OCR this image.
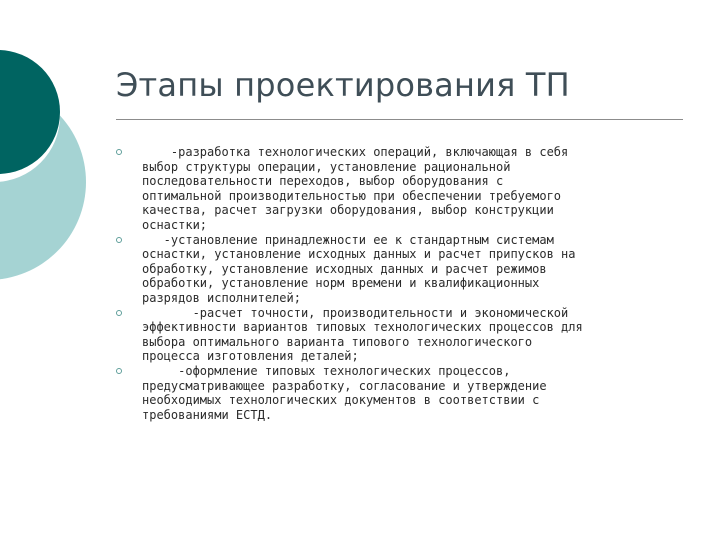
Этапы проектирования ТП
-разработка технологических операций, включающая в себя
выбор структуры операции, установление рациональной
последовательности переходов, выбор оборудования с
оптимальной производительностью при обеспечении требуемого
качества, расчет загрузки оборудования, выбор конструкции
оснастки;
-установление принадлежности ее к стандартным системам
оснастки, установление исходных данных и расчет припусков на
обработку, установление исходных данных и расчет режимов
обработки, установление норм времени и квалификационных
разрядов исполнителей;
-расчет точности, производительности и экономической
эффективности вариантов типовых технологических процессов для
выбора оптимального варианта типового технологического
процесса изготовления деталей;
-оформление типовых технологических процессов,
предусматривающее разработку, согласование и утверждение
необходимых технологических документов в соответствии с
требованиями ЕСТД.
